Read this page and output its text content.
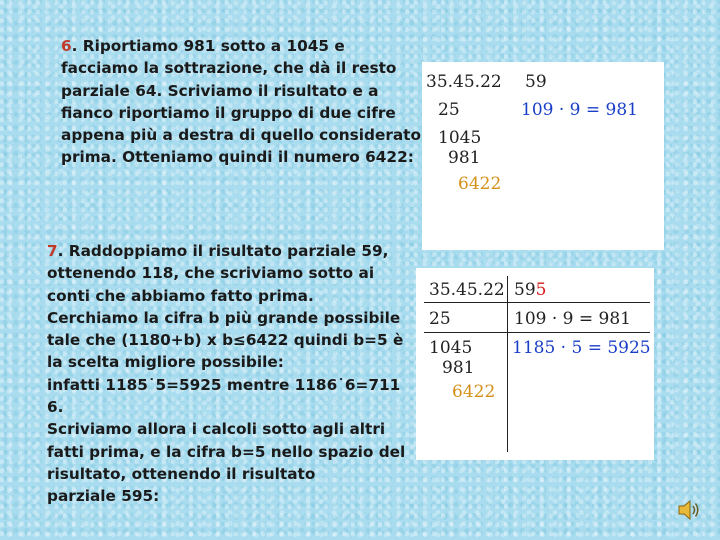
6. Riportiamo 981 sotto a 1045 e
facciamo la sottrazione, che dà il resto
parziale 64. Scriviamo il risultato e a
fianco riportiamo il gruppo di due cifre
appena più a destra di quello considerato
prima. Otteniamo quindi il numero 6422:
7. Raddoppiamo il risultato parziale 59,
ottenendo 118, che scriviamo sotto ai
conti che abbiamo fatto prima.
Cerchiamo la cifra b più grande possibile
tale che (1180+b) x b≤6422 quindi b=5 è
la scelta migliore possibile:
infatti 1185˙5=5925 mentre 1186˙6=711
6.
Scriviamo allora i calcoli sotto agli altri
fatti prima, e la cifra b=5 nello spazio del
risultato, ottenendo il risultato
parziale 595:
35.45.22 59
25	109 · 9 = 981
1045
981
6422
35.45.22 595
25	109 · 9 = 981
1045 1185 · 5 = 5925
981
6422
